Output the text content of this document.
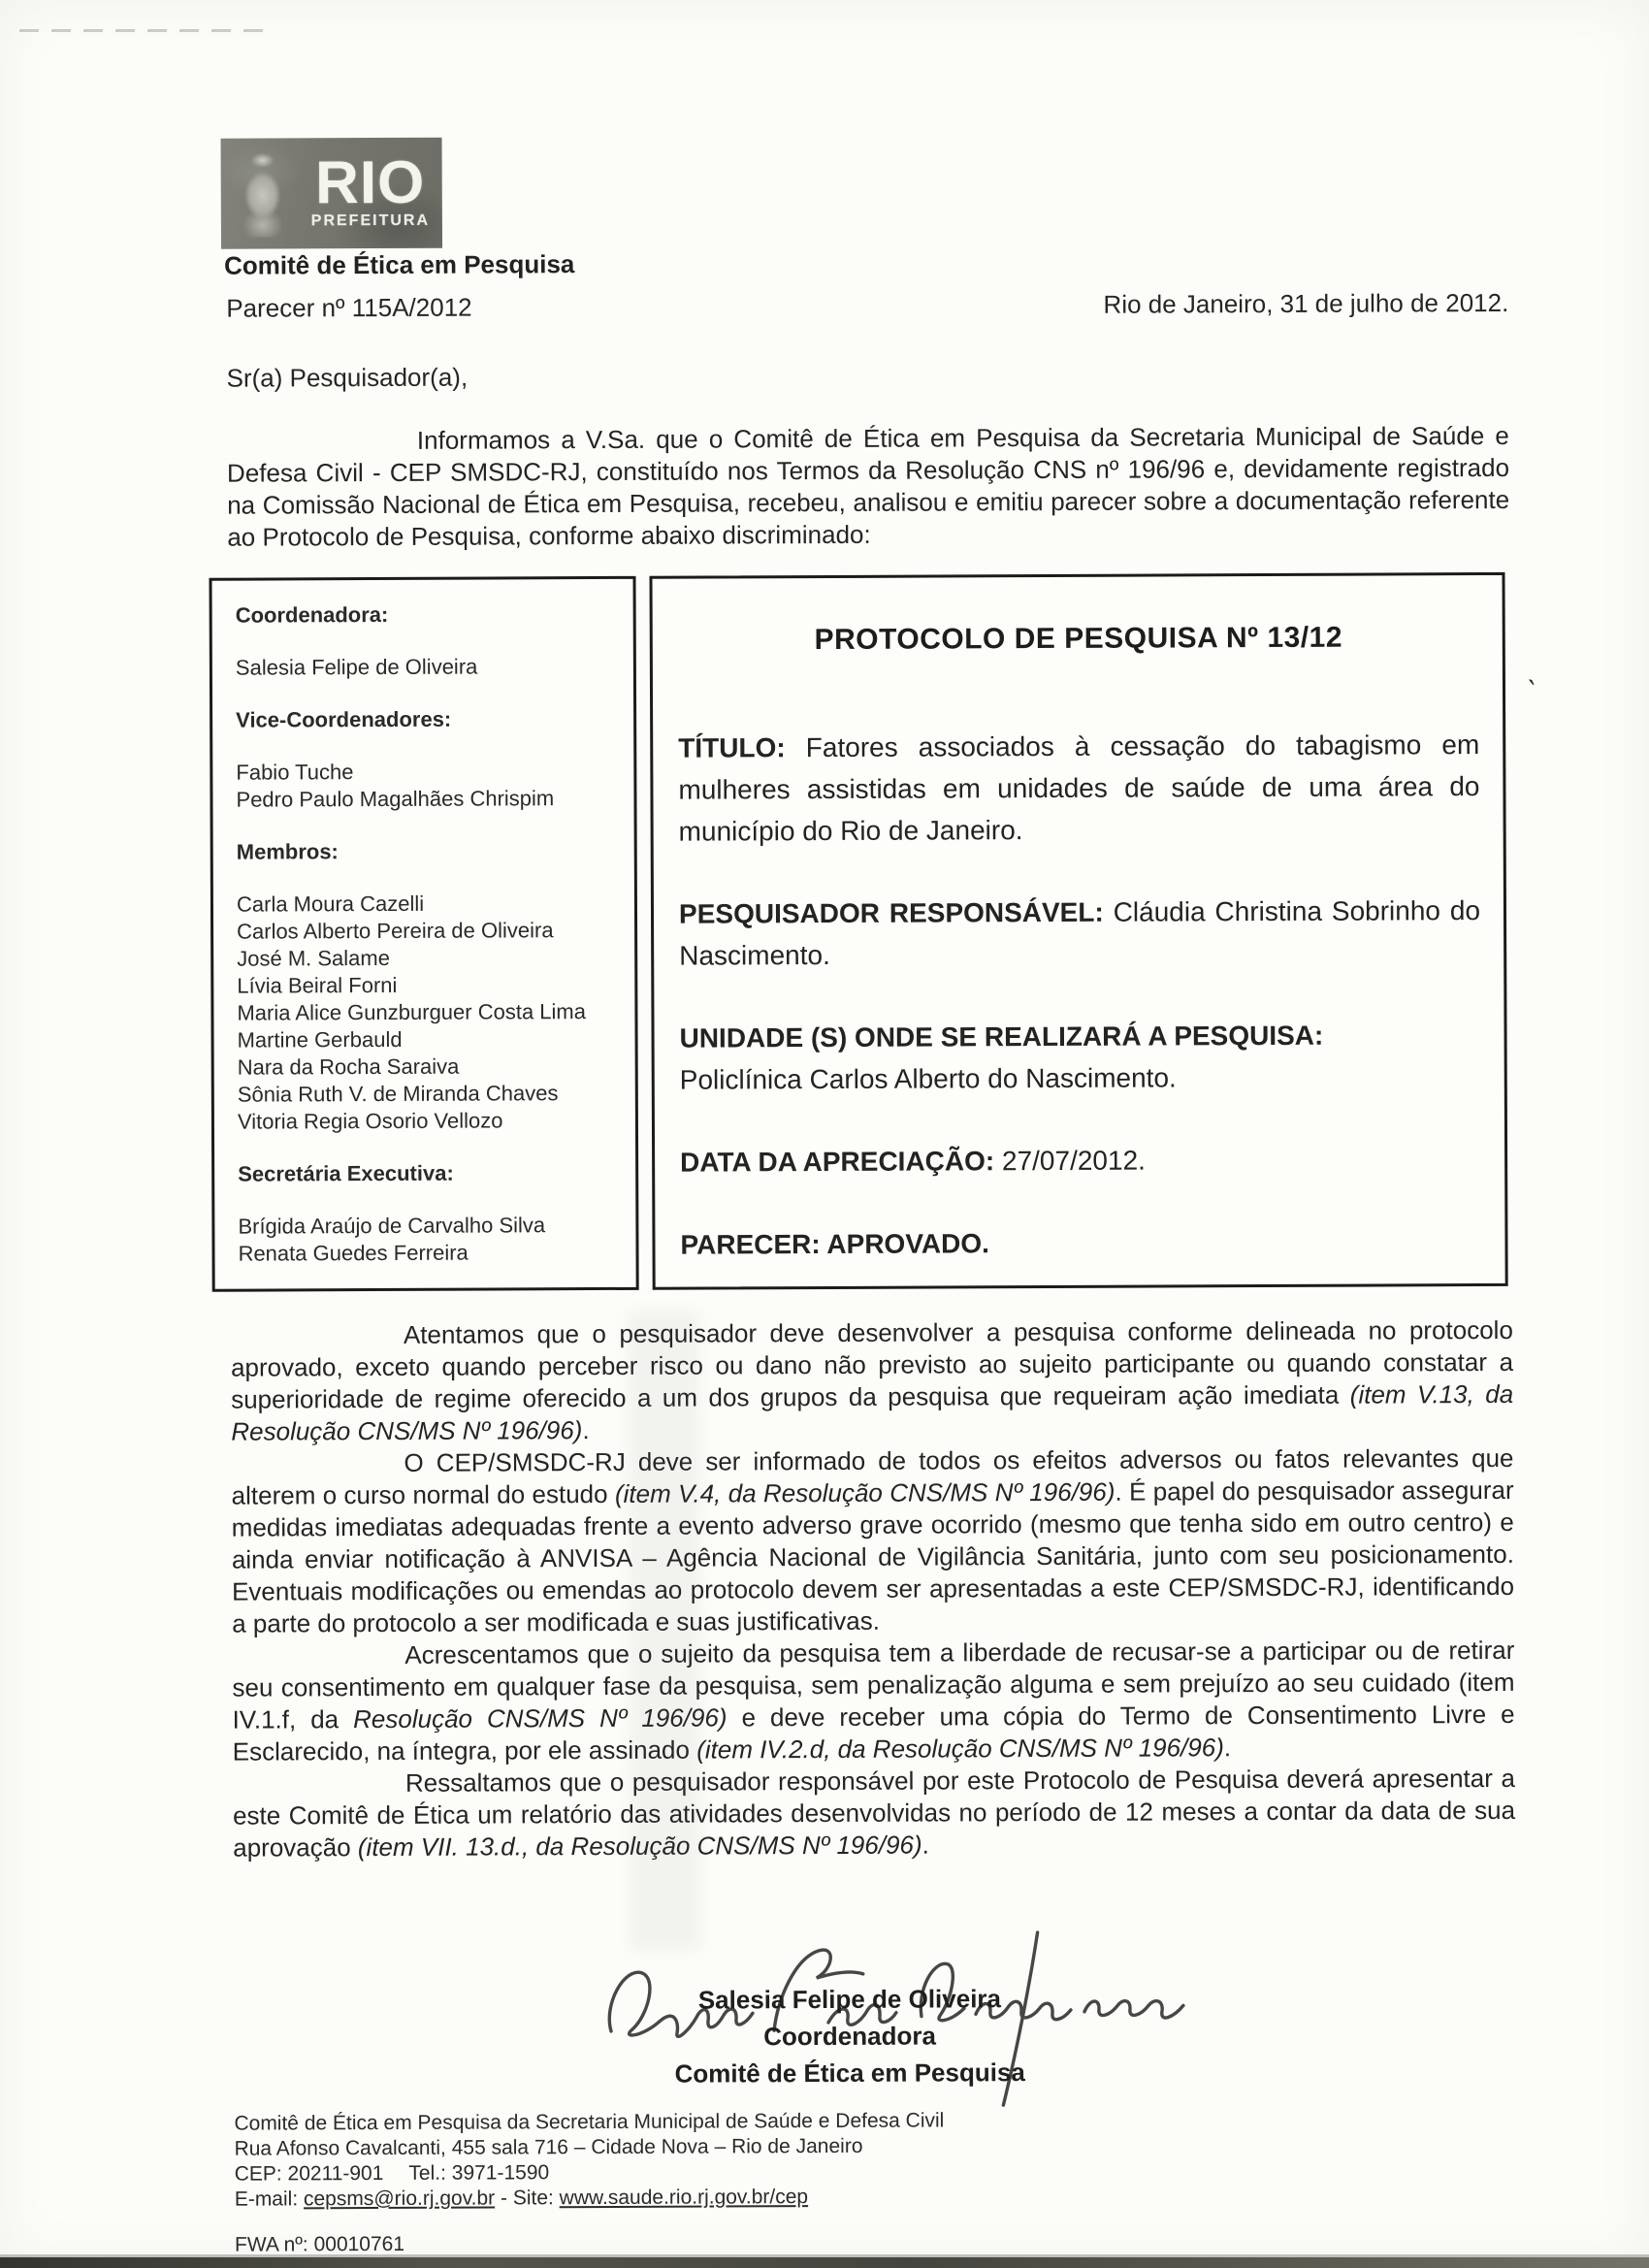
RIO
PREFEITURA
Comitê de Ética em Pesquisa
Parecer nº 115A/2012	Rio de Janeiro, 31 de julho de 2012.
Sr(a) Pesquisador(a),

Informamos a V.Sa. que o Comitê de Ética em Pesquisa da Secretaria Municipal de Saúde e Defesa Civil - CEP SMSDC-RJ, constituído nos Termos da Resolução CNS nº 196/96 e, devidamente registrado na Comissão Nacional de Ética em Pesquisa, recebeu, analisou e emitiu parecer sobre a documentação referente ao Protocolo de Pesquisa, conforme abaixo discriminado:

Coordenadora:

Salesia Felipe de Oliveira

Vice-Coordenadores:

Fabio Tuche

Pedro Paulo Magalhães Chrispim

Membros:

Carla Moura Cazelli

Carlos Alberto Pereira de Oliveira

José M. Salame

Lívia Beiral Forni

Maria Alice Gunzburguer Costa Lima

Martine Gerbauld

Nara da Rocha Saraiva

Sônia Ruth V. de Miranda Chaves

Vitoria Regia Osorio Vellozo

Secretária Executiva:

Brígida Araújo de Carvalho Silva

Renata Guedes Ferreira

PROTOCOLO DE PESQUISA Nº 13/12

TÍTULO: Fatores associados à cessação do tabagismo em mulheres assistidas em unidades de saúde de uma área do município do Rio de Janeiro.

PESQUISADOR RESPONSÁVEL: Cláudia Christina Sobrinho do Nascimento.

UNIDADE (S) ONDE SE REALIZARÁ A PESQUISA:
Policlínica Carlos Alberto do Nascimento.

DATA DA APRECIAÇÃO: 27/07/2012.

PARECER: APROVADO.

`

Atentamos que o pesquisador deve desenvolver a pesquisa conforme delineada no protocolo aprovado, exceto quando perceber risco ou dano não previsto ao sujeito participante ou quando constatar a superioridade de regime oferecido a um dos grupos da pesquisa que requeiram ação imediata (item V.13, da Resolução CNS/MS Nº 196/96).

O CEP/SMSDC-RJ deve ser informado de todos os efeitos adversos ou fatos relevantes que alterem o curso normal do estudo (item V.4, da Resolução CNS/MS Nº 196/96). É papel do pesquisador assegurar medidas imediatas adequadas frente a evento adverso grave ocorrido (mesmo que tenha sido em outro centro) e ainda enviar notificação à ANVISA – Agência Nacional de Vigilância Sanitária, junto com seu posicionamento. Eventuais modificações ou emendas ao protocolo devem ser apresentadas a este CEP/SMSDC-RJ, identificando a parte do protocolo a ser modificada e suas justificativas.

Acrescentamos que o sujeito da pesquisa tem a liberdade de recusar-se a participar ou de retirar seu consentimento em qualquer fase da pesquisa, sem penalização alguma e sem prejuízo ao seu cuidado (item IV.1.f, da Resolução CNS/MS Nº 196/96) e deve receber uma cópia do Termo de Consentimento Livre e Esclarecido, na íntegra, por ele assinado (item IV.2.d, da Resolução CNS/MS Nº 196/96).

Ressaltamos que o pesquisador responsável por este Protocolo de Pesquisa deverá apresentar a este Comitê de Ética um relatório das atividades desenvolvidas no período de 12 meses a contar da data de sua aprovação (item VII. 13.d., da Resolução CNS/MS Nº 196/96).

Salesia Felipe de Oliveira

Coordenadora

Comitê de Ética em Pesquisa

Comitê de Ética em Pesquisa da Secretaria Municipal de Saúde e Defesa Civil

Rua Afonso Cavalcanti, 455 sala 716 – Cidade Nova – Rio de Janeiro

CEP: 20211-901 Tel.: 3971-1590

E-mail: cepsms@rio.rj.gov.br - Site: www.saude.rio.rj.gov.br/cep

FWA nº: 00010761
